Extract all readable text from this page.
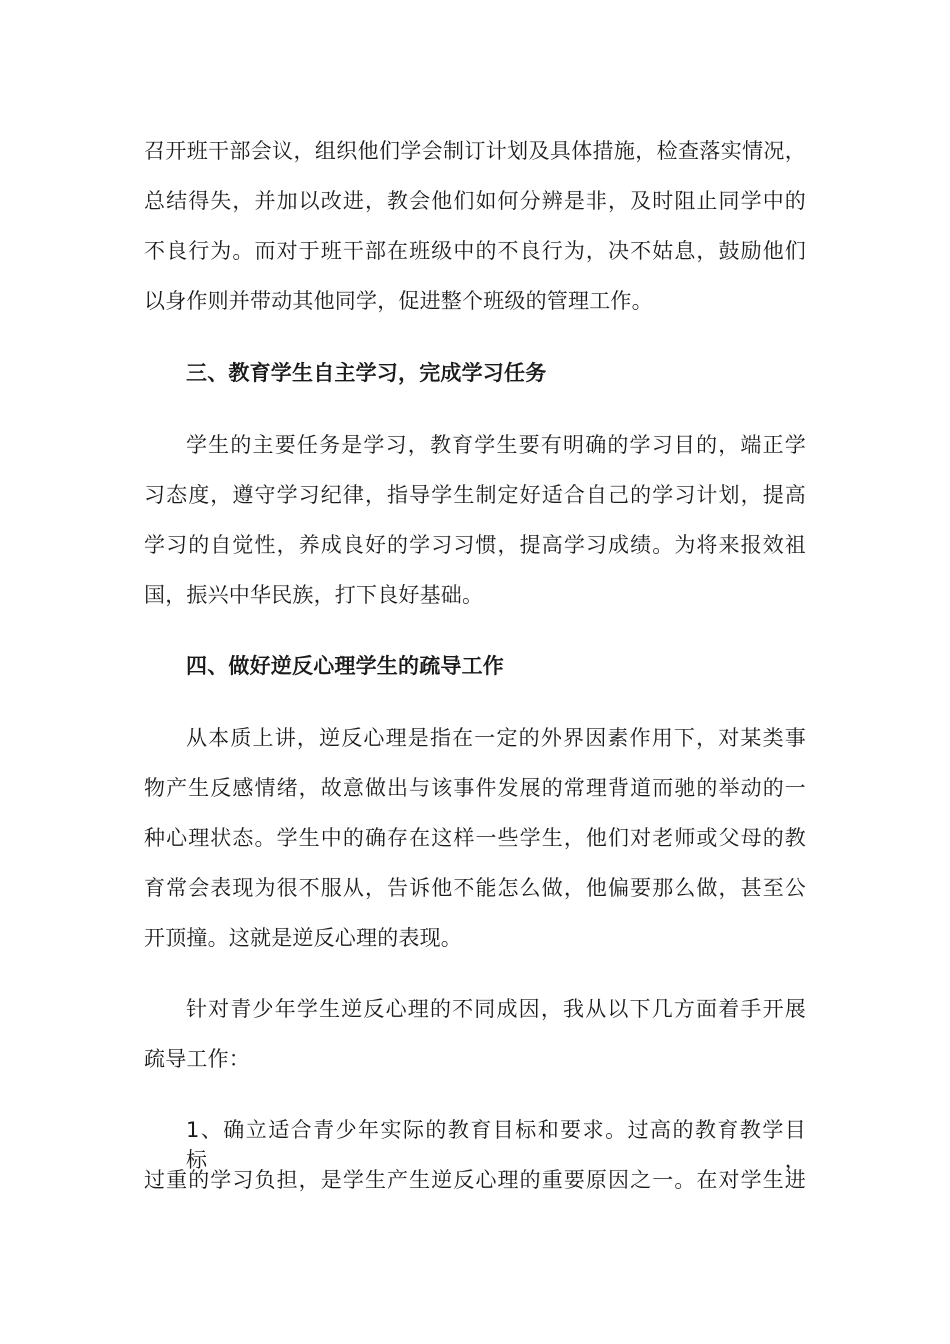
召开班干部会议，组织他们学会制订计划及具体措施，检查落实情况，
总结得失，并加以改进，教会他们如何分辨是非，及时阻止同学中的
不良行为。而对于班干部在班级中的不良行为，决不姑息，鼓励他们
以身作则并带动其他同学，促进整个班级的管理工作。
三、教育学生自主学习，完成学习任务
学生的主要任务是学习，教育学生要有明确的学习目的，端正学
习态度，遵守学习纪律，指导学生制定好适合自己的学习计划，提高
学习的自觉性，养成良好的学习习惯，提高学习成绩。为将来报效祖
国，振兴中华民族，打下良好基础。
四、做好逆反心理学生的疏导工作
从本质上讲，逆反心理是指在一定的外界因素作用下，对某类事
物产生反感情绪，故意做出与该事件发展的常理背道而驰的举动的一
种心理状态。学生中的确存在这样一些学生，他们对老师或父母的教
育常会表现为很不服从，告诉他不能怎么做，他偏要那么做，甚至公
开顶撞。这就是逆反心理的表现。
针对青少年学生逆反心理的不同成因，我从以下几方面着手开展
疏导工作：
1、确立适合青少年实际的教育目标和要求。过高的教育教学目标，
过重的学习负担，是学生产生逆反心理的重要原因之一。在对学生进
